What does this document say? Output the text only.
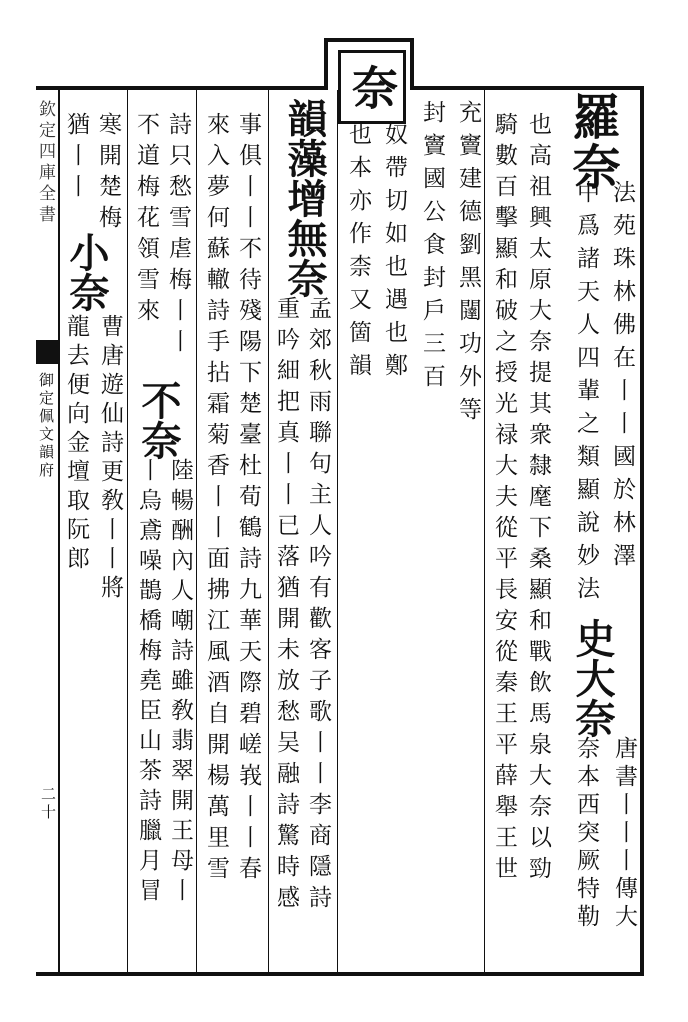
奈
欽定四庫全書
御定佩文韻府
二十
羅奈
法苑珠林佛在丨丨國於林澤
中爲諸天人四輩之類顯說妙法
史大奈
唐書丨丨丨傳大
奈本西突厥特勒
也高祖興太原大奈提其衆隸麾下桑顯和戰飲馬泉大奈以勁
騎數百擊顯和破之授光禄大夫從平長安從秦王平薛舉王世
充竇建德劉黑闥功外等
封竇國公食封戶三百
奴帶切如也遇也鄭
也本亦作柰又箇韻
韻藻增無奈
孟郊秋雨聯句主人吟有歡客子歌丨丨李商隱詩
重吟細把真丨丨已落猶開未放愁吴融詩驚時感
事俱丨丨不待殘陽下楚臺杜荀鶴詩九華天際碧嵯峩丨丨春
來入夢何蘇轍詩手拈霜菊香丨丨面拂江風酒自開楊萬里雪
詩只愁雪虐梅丨丨
不奈
陸暢酬內人嘲詩雖敎翡翠開王母丨
不道梅花領雪來
丨烏鳶噪鵲橋梅堯臣山茶詩臘月冒
寒開楚梅
小奈
曹唐遊仙詩更敎丨丨將
龍去便向金壇取阮郎
猶丨丨
